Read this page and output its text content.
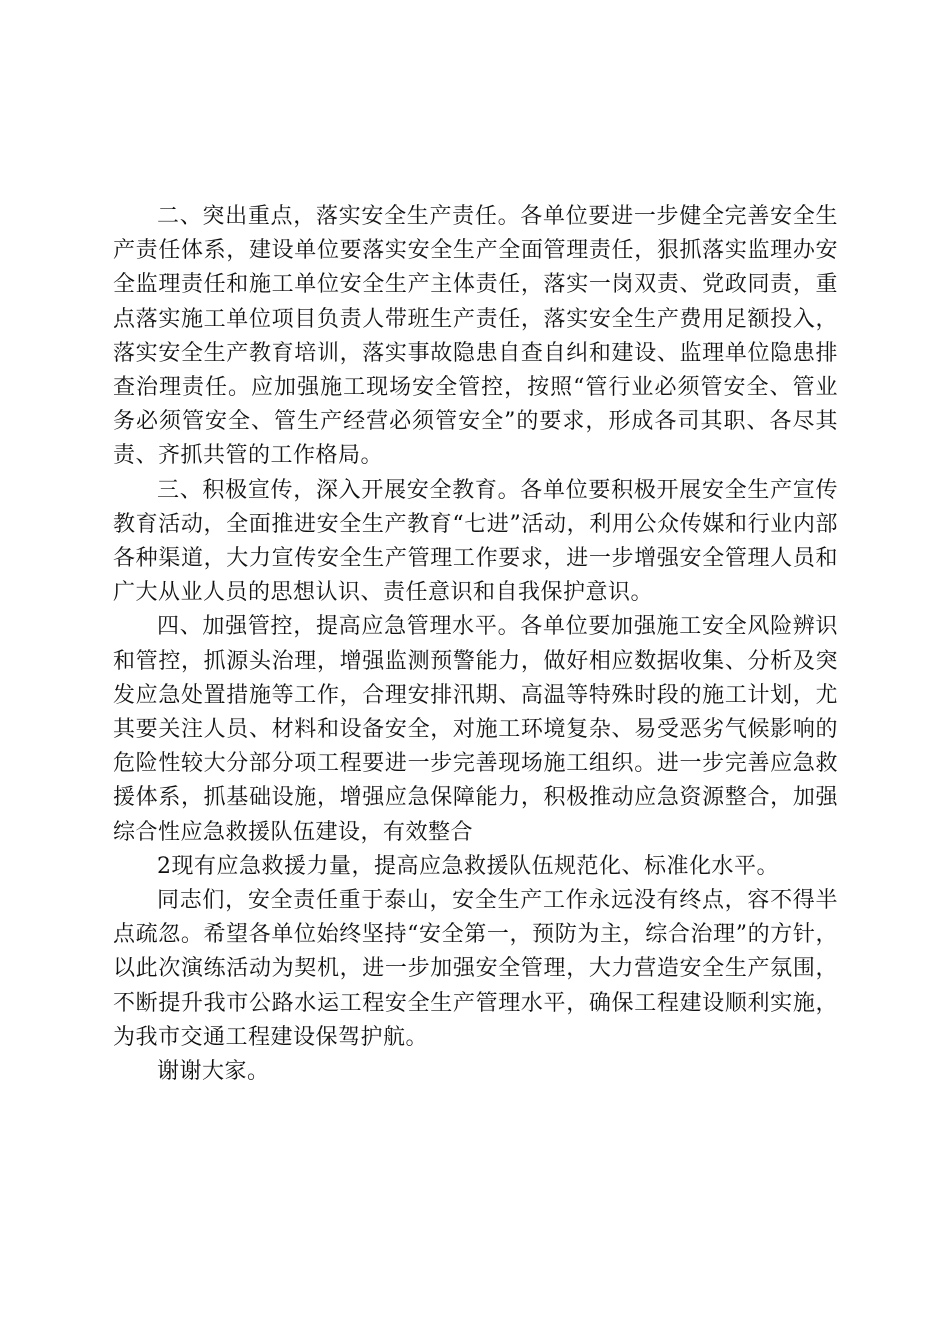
二、突出重点，落实安全生产责任。各单位要进一步健全完善安全生产责任体系，建设单位要落实安全生产全面管理责任，狠抓落实监理办安全监理责任和施工单位安全生产主体责任，落实一岗双责、党政同责，重点落实施工单位项目负责人带班生产责任，落实安全生产费用足额投入，落实安全生产教育培训，落实事故隐患自查自纠和建设、监理单位隐患排查治理责任。应加强施工现场安全管控，按照“管行业必须管安全、管业务必须管安全、管生产经营必须管安全”的要求，形成各司其职、各尽其责、齐抓共管的工作格局。

三、积极宣传，深入开展安全教育。各单位要积极开展安全生产宣传教育活动，全面推进安全生产教育“七进”活动，利用公众传媒和行业内部各种渠道，大力宣传安全生产管理工作要求，进一步增强安全管理人员和广大从业人员的思想认识、责任意识和自我保护意识。

四、加强管控，提高应急管理水平。各单位要加强施工安全风险辨识和管控，抓源头治理，增强监测预警能力，做好相应数据收集、分析及突发应急处置措施等工作，合理安排汛期、高温等特殊时段的施工计划，尤其要关注人员、材料和设备安全，对施工环境复杂、易受恶劣气候影响的危险性较大分部分项工程要进一步完善现场施工组织。进一步完善应急救援体系，抓基础设施，增强应急保障能力，积极推动应急资源整合，加强综合性应急救援队伍建设，有效整合

2现有应急救援力量，提高应急救援队伍规范化、标准化水平。

同志们，安全责任重于泰山，安全生产工作永远没有终点，容不得半点疏忽。希望各单位始终坚持“安全第一，预防为主，综合治理”的方针，以此次演练活动为契机，进一步加强安全管理，大力营造安全生产氛围，不断提升我市公路水运工程安全生产管理水平，确保工程建设顺利实施，为我市交通工程建设保驾护航。

谢谢大家。
